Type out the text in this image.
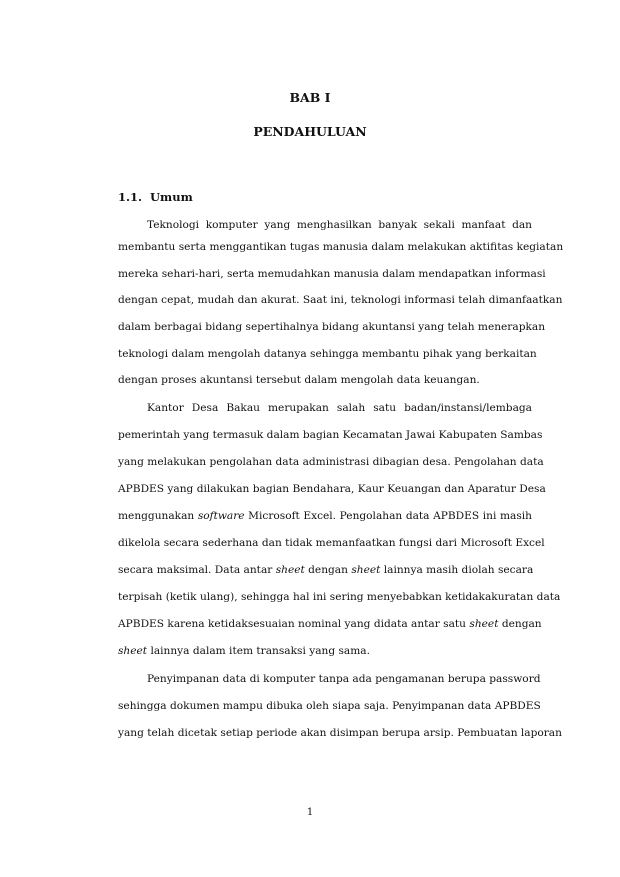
BAB I
PENDAHULUAN
1.1. Umum
Teknologi komputer yang menghasilkan banyak sekali manfaat dan
membantu serta menggantikan tugas manusia dalam melakukan aktifitas kegiatan
mereka sehari-hari, serta memudahkan manusia dalam mendapatkan informasi
dengan cepat, mudah dan akurat. Saat ini, teknologi informasi telah dimanfaatkan
dalam berbagai bidang sepertihalnya bidang akuntansi yang telah menerapkan
teknologi dalam mengolah datanya sehingga membantu pihak yang berkaitan
dengan proses akuntansi tersebut dalam mengolah data keuangan.
Kantor Desa Bakau merupakan salah satu badan/instansi/lembaga
pemerintah yang termasuk dalam bagian Kecamatan Jawai Kabupaten Sambas
yang melakukan pengolahan data administrasi dibagian desa. Pengolahan data
APBDES yang dilakukan bagian Bendahara, Kaur Keuangan dan Aparatur Desa
menggunakan software Microsoft Excel. Pengolahan data APBDES ini masih
dikelola secara sederhana dan tidak memanfaatkan fungsi dari Microsoft Excel
secara maksimal. Data antar sheet dengan sheet lainnya masih diolah secara
terpisah (ketik ulang), sehingga hal ini sering menyebabkan ketidakakuratan data
APBDES karena ketidaksesuaian nominal yang didata antar satu sheet dengan
sheet lainnya dalam item transaksi yang sama.
Penyimpanan data di komputer tanpa ada pengamanan berupa password
sehingga dokumen mampu dibuka oleh siapa saja. Penyimpanan data APBDES
yang telah dicetak setiap periode akan disimpan berupa arsip. Pembuatan laporan
1
